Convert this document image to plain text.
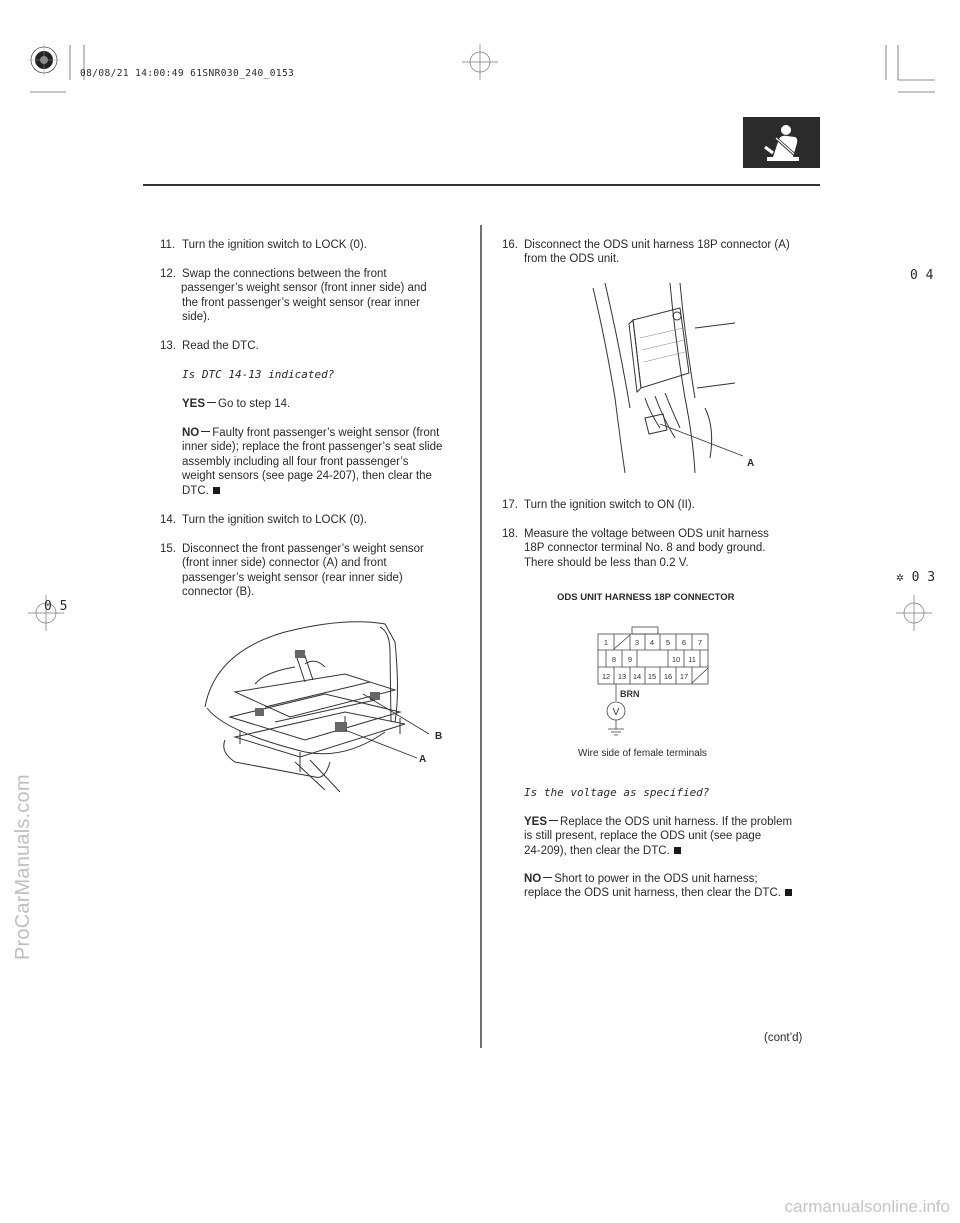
08/08/21 14:00:49 61SNR030_240_0153
0 4
✲ 0 3
0 5
11. Turn the ignition switch to LOCK (0).
12. Swap the connections between the front
passenger’s weight sensor (front inner side) and
the front passenger’s weight sensor (rear inner
side).
13. Read the DTC.
Is DTC 14-13 indicated?
YES Go to step 14.
NO Faulty front passenger’s weight sensor (front
inner side); replace the front passenger’s seat slide
assembly including all four front passenger’s
weight sensors (see page 24-207), then clear the
DTC.
14. Turn the ignition switch to LOCK (0).
15. Disconnect the front passenger’s weight sensor
(front inner side) connector (A) and front
passenger’s weight sensor (rear inner side)
connector (B).
B
A
16. Disconnect the ODS unit harness 18P connector (A)
from the ODS unit.
A
17. Turn the ignition switch to ON (II).
18. Measure the voltage between ODS unit harness
18P connector terminal No. 8 and body ground.
There should be less than 0.2 V.
ODS UNIT HARNESS 18P CONNECTOR
1	3 4 5 6 7
8 9	10 11
12 13 14 15 16 17
V
BRN
Wire side of female terminals
Is the voltage as specified?
YES Replace the ODS unit harness. If the problem
is still present, replace the ODS unit (see page
24-209), then clear the DTC.
NO Short to power in the ODS unit harness;
replace the ODS unit harness, then clear the DTC.
(cont’d)
ProCarManuals.com
carmanualsonline.info
